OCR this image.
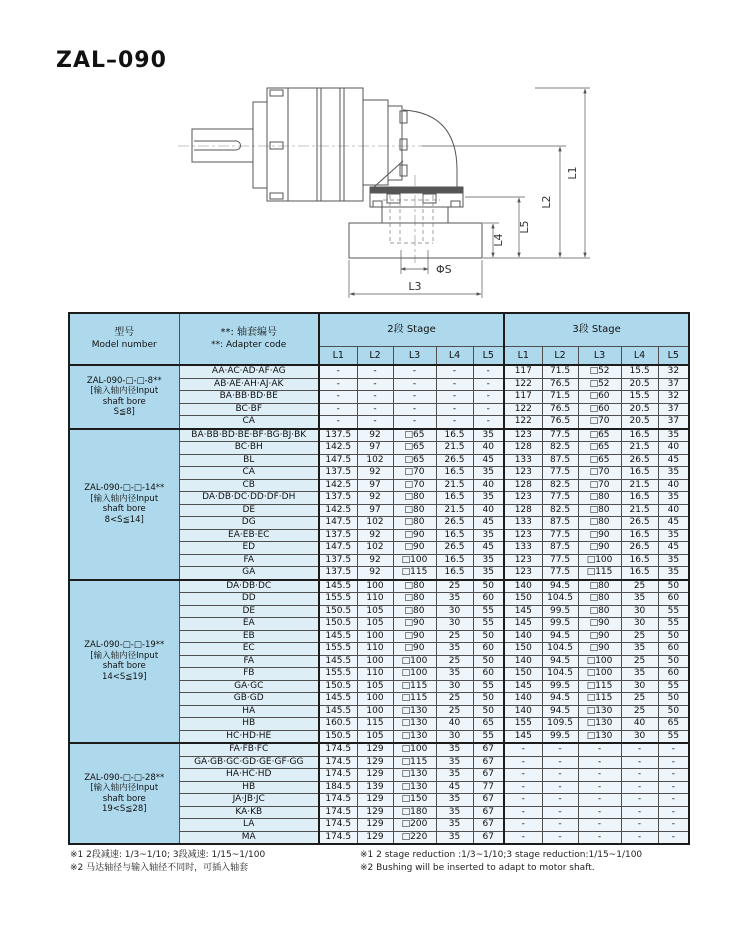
ZAL–090
L1
L2
L5
L4
ΦS
L3
型号
Model number

**: 轴套编号
**: Adapter code
	2段 Stage	3段 Stage
		L1	L2	L3	L4	L5	L1	L2	L3	L4	L5

ZAL-090-□-□-8**
[输入轴内径Input
shaft bore
S≦8]	AA·AC·AD·AF·AG	-	-	-	-	-	117	71.5	□52	15.5	32
	AB·AE·AH·AJ·AK	-	-	-	-	-	122	76.5	□52	20.5	37
	BA·BB·BD·BE	-	-	-	-	-	117	71.5	□60	15.5	32
	BC·BF	-	-	-	-	-	122	76.5	□60	20.5	37
	CA	-	-	-	-	-	122	76.5	□70	20.5	37

ZAL-090-□-□-14**
[输入轴内径Input
shaft bore
8<S≦14]	BA·BB·BD·BE·BF·BG·BJ·BK	137.5	92	□65	16.5	35	123	77.5	□65	16.5	35
	BC·BH	142.5	97	□65	21.5	40	128	82.5	□65	21.5	40
	BL	147.5	102	□65	26.5	45	133	87.5	□65	26.5	45
	CA	137.5	92	□70	16.5	35	123	77.5	□70	16.5	35
	CB	142.5	97	□70	21.5	40	128	82.5	□70	21.5	40
	DA·DB·DC·DD·DF·DH	137.5	92	□80	16.5	35	123	77.5	□80	16.5	35
	DE	142.5	97	□80	21.5	40	128	82.5	□80	21.5	40
	DG	147.5	102	□80	26.5	45	133	87.5	□80	26.5	45
	EA·EB·EC	137.5	92	□90	16.5	35	123	77.5	□90	16.5	35
	ED	147.5	102	□90	26.5	45	133	87.5	□90	26.5	45
	FA	137.5	92	□100	16.5	35	123	77.5	□100	16.5	35
	GA	137.5	92	□115	16.5	35	123	77.5	□115	16.5	35

ZAL-090-□-□-19**
[输入轴内径Input
shaft bore
14<S≦19]	DA·DB·DC	145.5	100	□80	25	50	140	94.5	□80	25	50
	DD	155.5	110	□80	35	60	150	104.5	□80	35	60
	DE	150.5	105	□80	30	55	145	99.5	□80	30	55
	EA	150.5	105	□90	30	55	145	99.5	□90	30	55
	EB	145.5	100	□90	25	50	140	94.5	□90	25	50
	EC	155.5	110	□90	35	60	150	104.5	□90	35	60
	FA	145.5	100	□100	25	50	140	94.5	□100	25	50
	FB	155.5	110	□100	35	60	150	104.5	□100	35	60
	GA·GC	150.5	105	□115	30	55	145	99.5	□115	30	55
	GB·GD	145.5	100	□115	25	50	140	94.5	□115	25	50
	HA	145.5	100	□130	25	50	140	94.5	□130	25	50
	HB	160.5	115	□130	40	65	155	109.5	□130	40	65
	HC·HD·HE	150.5	105	□130	30	55	145	99.5	□130	30	55

ZAL-090-□-□-28**
[输入轴内径Input
shaft bore
19<S≦28]	FA·FB·FC	174.5	129	□100	35	67	-	-	-	-	-
	GA·GB·GC·GD·GE·GF·GG	174.5	129	□115	35	67	-	-	-	-	-
	HA·HC·HD	174.5	129	□130	35	67	-	-	-	-	-
	HB	184.5	139	□130	45	77	-	-	-	-	-
	JA·JB·JC	174.5	129	□150	35	67	-	-	-	-	-
	KA·KB	174.5	129	□180	35	67	-	-	-	-	-
	LA	174.5	129	□200	35	67	-	-	-	-	-
	MA	174.5	129	□220	35	67	-	-	-	-	-
※1 2段减速: 1/3~1/10; 3段减速: 1/15~1/100
※2 马达轴径与输入轴径不同时，可插入轴套
※1 2 stage reduction :1/3~1/10;3 stage reduction:1/15~1/100
※2 Bushing will be inserted to adapt to motor shaft.
